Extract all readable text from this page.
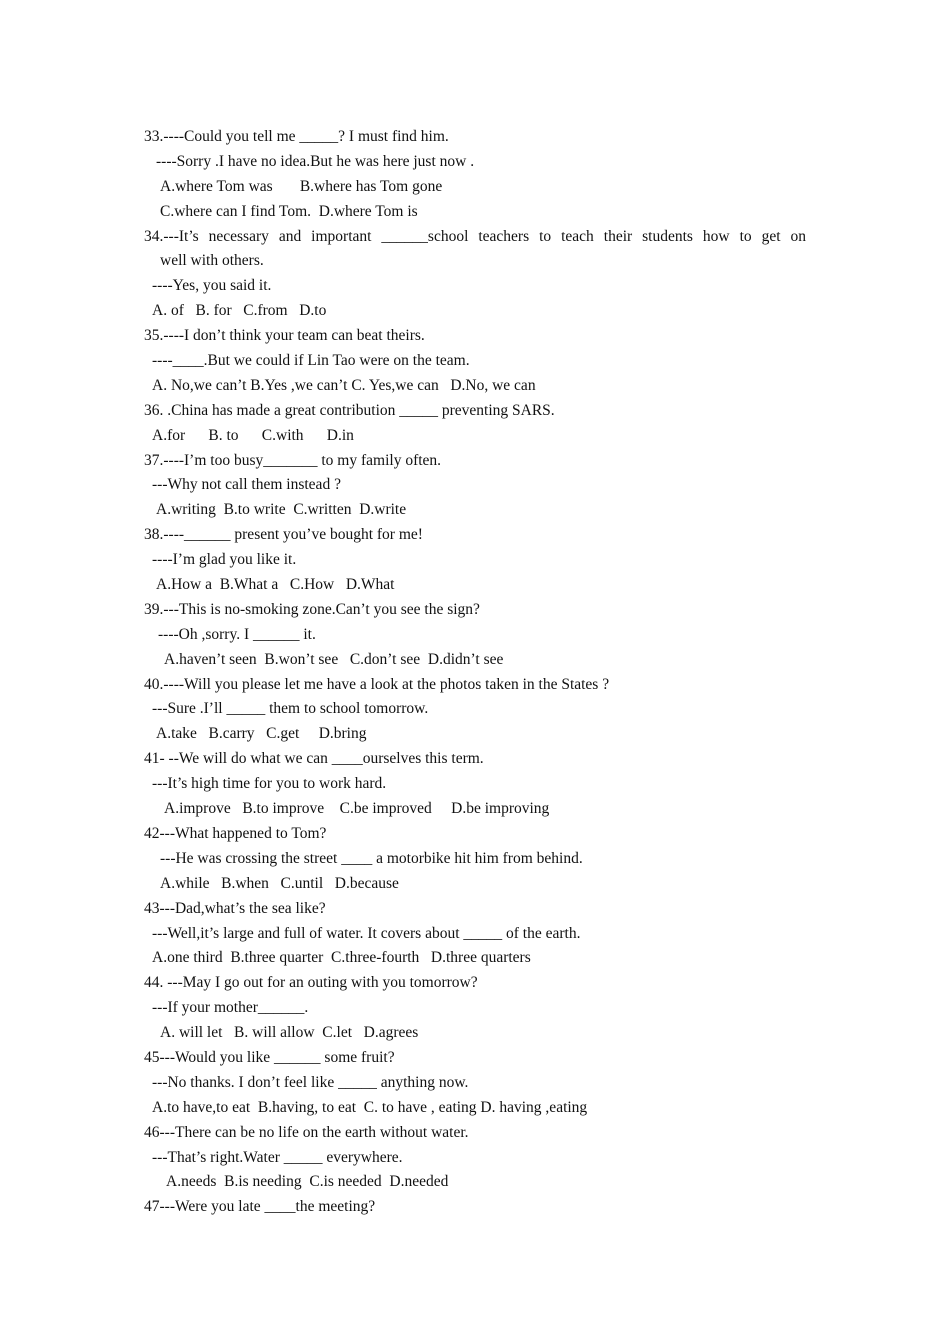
33.----Could you tell me _____? I must find him.
----Sorry .I have no idea.But he was here just now .
A.where Tom was       B.where has Tom gone
C.where can I find Tom.  D.where Tom is
34.---It’s necessary and important ______school teachers to teach their students how to get on
well with others.
----Yes, you said it.
A. of   B. for   C.from   D.to
35.----I don’t think your team can beat theirs.
----____.But we could if Lin Tao were on the team.
A. No,we can’t B.Yes ,we can’t C. Yes,we can   D.No, we can
36. .China has made a great contribution _____ preventing SARS.
A.for      B. to      C.with      D.in
37.----I’m too busy_______ to my family often.
---Why not call them instead ?
A.writing  B.to write  C.written  D.write
38.----______ present you’ve bought for me!
----I’m glad you like it.
A.How a  B.What a   C.How   D.What
39.---This is no-smoking zone.Can’t you see the sign?
----Oh ,sorry. I ______ it.
A.haven’t seen  B.won’t see   C.don’t see  D.didn’t see
40.----Will you please let me have a look at the photos taken in the States ?
---Sure .I’ll _____ them to school tomorrow.
A.take   B.carry   C.get     D.bring
41- --We will do what we can ____ourselves this term.
---It’s high time for you to work hard.
A.improve   B.to improve    C.be improved     D.be improving
42---What happened to Tom?
---He was crossing the street ____ a motorbike hit him from behind.
A.while   B.when   C.until   D.because
43---Dad,what’s the sea like?
---Well,it’s large and full of water. It covers about _____ of the earth.
A.one third  B.three quarter  C.three-fourth   D.three quarters
44. ---May I go out for an outing with you tomorrow?
---If your mother______.
A. will let   B. will allow  C.let   D.agrees
45---Would you like ______ some fruit?
---No thanks. I don’t feel like _____ anything now.
A.to have,to eat  B.having, to eat  C. to have , eating D. having ,eating
46---There can be no life on the earth without water.
---That’s right.Water _____ everywhere.
A.needs  B.is needing  C.is needed  D.needed
47---Were you late ____the meeting?
